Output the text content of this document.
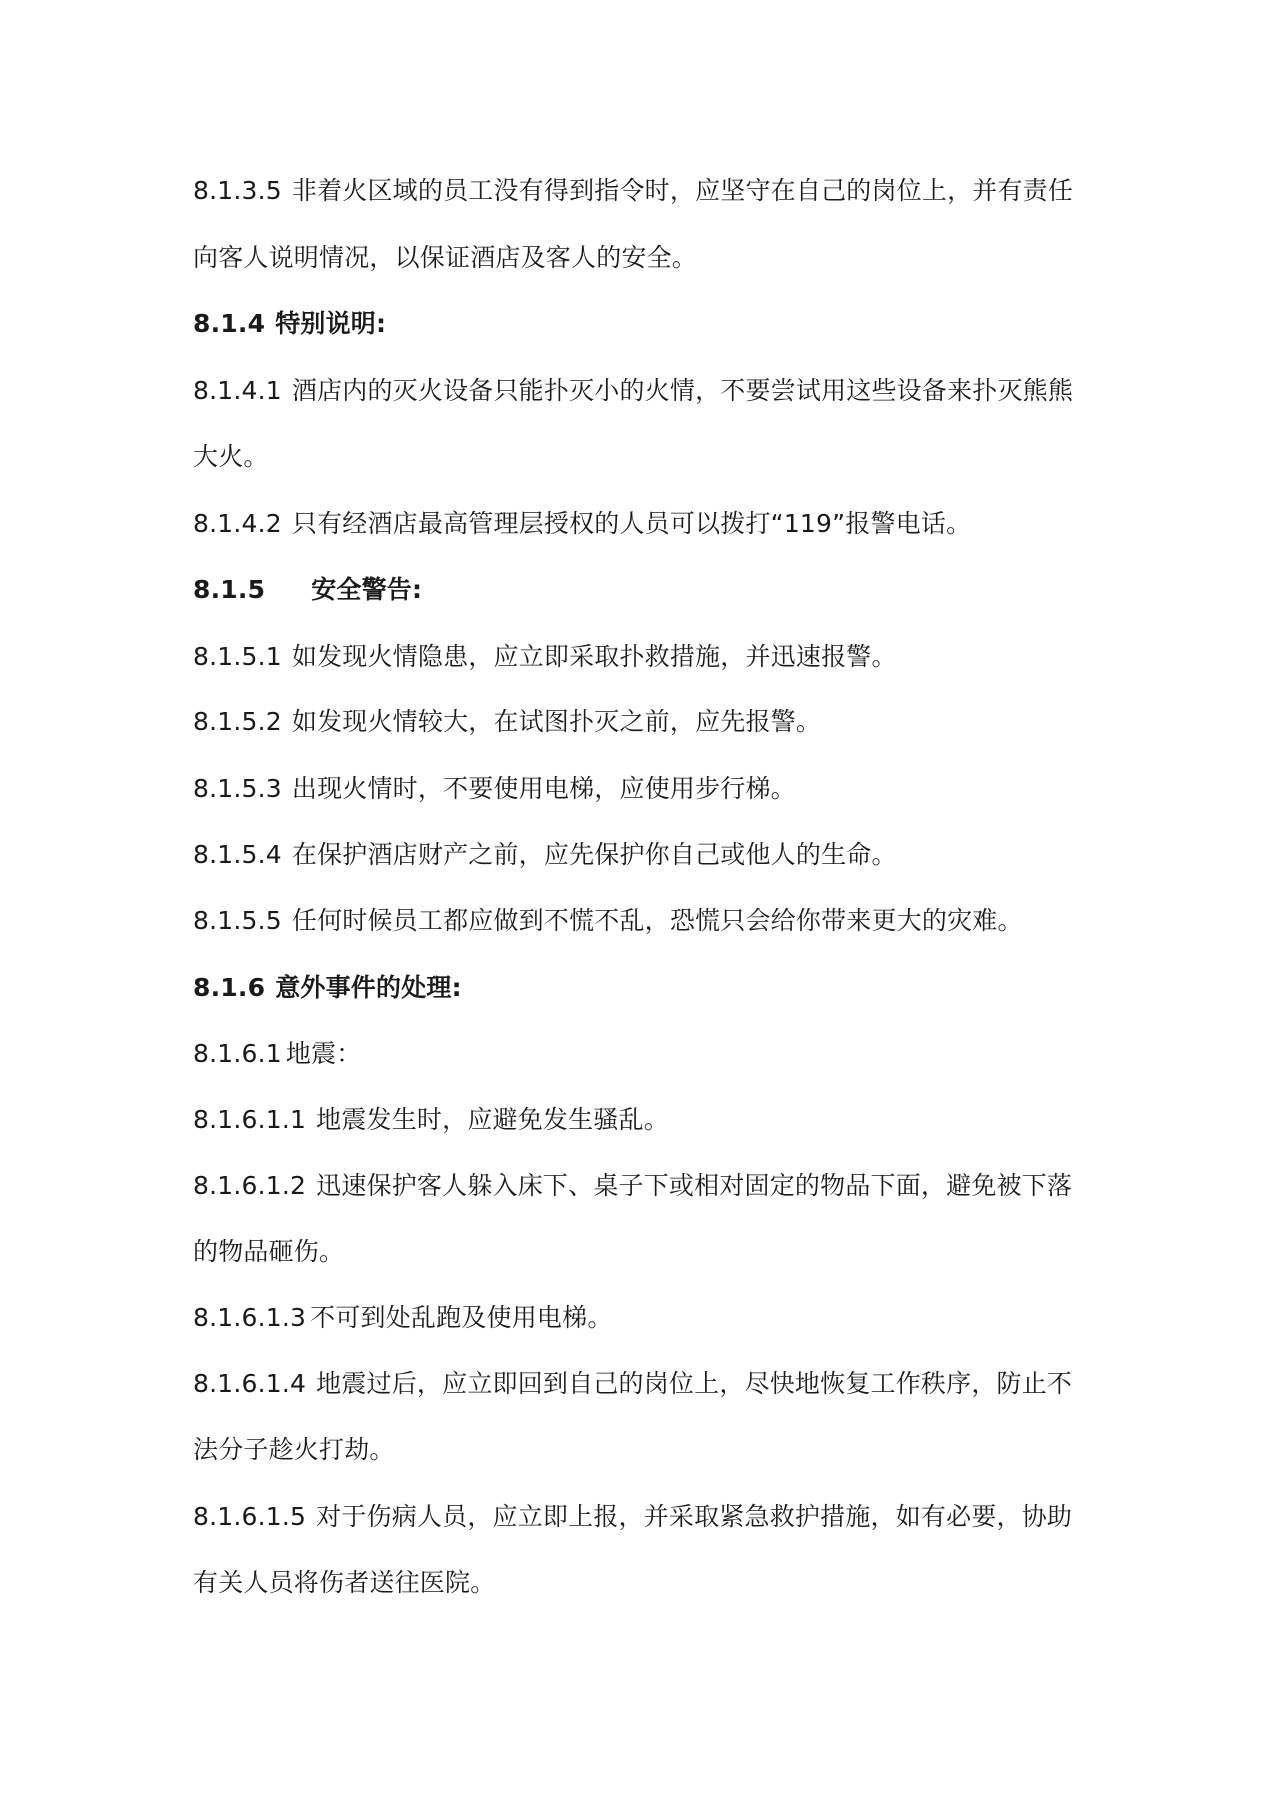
8.1.3.5 非着火区域的员工没有得到指令时，应坚守在自己的岗位上，并有责任
向客人说明情况，以保证酒店及客人的安全。
8.1.4 特别说明:
8.1.4.1 酒店内的灭火设备只能扑灭小的火情，不要尝试用这些设备来扑灭熊熊
大火。
8.1.4.2 只有经酒店最高管理层授权的人员可以拨打“119”报警电话。
8.1.5 安全警告:
8.1.5.1 如发现火情隐患，应立即采取扑救措施，并迅速报警。
8.1.5.2 如发现火情较大，在试图扑灭之前，应先报警。
8.1.5.3 出现火情时，不要使用电梯，应使用步行梯。
8.1.5.4 在保护酒店财产之前，应先保护你自己或他人的生命。
8.1.5.5 任何时候员工都应做到不慌不乱，恐慌只会给你带来更大的灾难。
8.1.6 意外事件的处理:
8.1.6.1 地震：
8.1.6.1.1 地震发生时，应避免发生骚乱。
8.1.6.1.2 迅速保护客人躲入床下、桌子下或相对固定的物品下面，避免被下落
的物品砸伤。
8.1.6.1.3 不可到处乱跑及使用电梯。
8.1.6.1.4 地震过后，应立即回到自己的岗位上，尽快地恢复工作秩序，防止不
法分子趁火打劫。
8.1.6.1.5 对于伤病人员，应立即上报，并采取紧急救护措施，如有必要，协助
有关人员将伤者送往医院。
